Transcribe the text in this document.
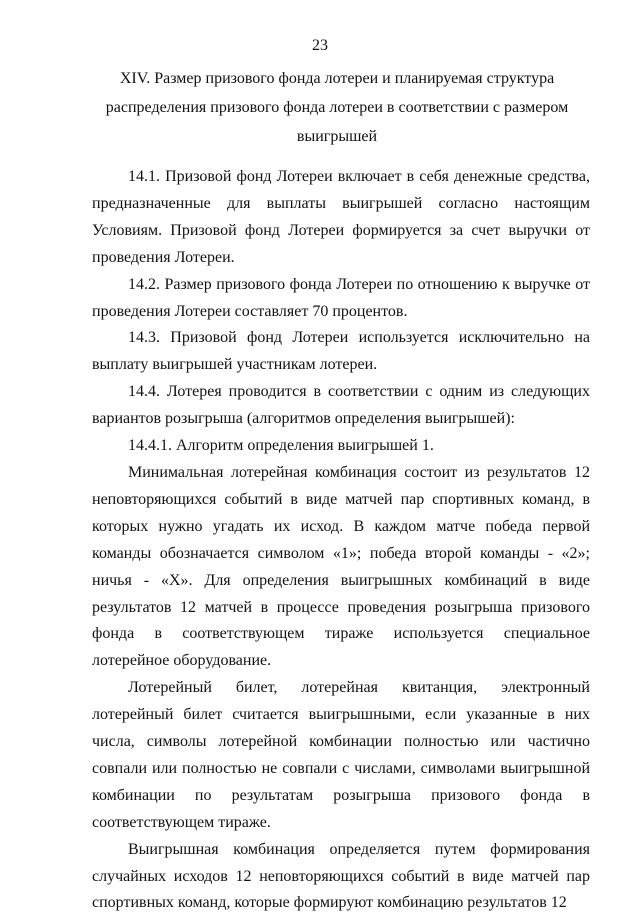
23
XIV. Размер призового фонда лотереи и планируемая структура распределения призового фонда лотереи в соответствии с размером выигрышей

14.1. Призовой фонд Лотереи включает в себя денежные средства, предназначенные для выплаты выигрышей согласно настоящим Условиям. Призовой фонд Лотереи формируется за счет выручки от проведения Лотереи.

14.2. Размер призового фонда Лотереи по отношению к выручке от проведения Лотереи составляет 70 процентов.

14.3. Призовой фонд Лотереи используется исключительно на выплату выигрышей участникам лотереи.

14.4. Лотерея проводится в соответствии с одним из следующих вариантов розыгрыша (алгоритмов определения выигрышей):

14.4.1. Алгоритм определения выигрышей 1.

Минимальная лотерейная комбинация состоит из результатов 12 неповторяющихся событий в виде матчей пар спортивных команд, в которых нужно угадать их исход. В каждом матче победа первой команды обозначается символом «1»; победа второй команды - «2»; ничья - «X». Для определения выигрышных комбинаций в виде результатов 12 матчей в процессе проведения розыгрыша призового фонда в соответствующем тираже используется специальное лотерейное оборудование.

Лотерейный билет, лотерейная квитанция, электронный лотерейный билет считается выигрышными, если указанные в них числа, символы лотерейной комбинации полностью или частично совпали или полностью не совпали с числами, символами выигрышной комбинации по результатам розыгрыша призового фонда в соответствующем тираже.

Выигрышная комбинация определяется путем формирования случайных исходов 12 неповторяющихся событий в виде матчей пар спортивных команд, которые формируют комбинацию результатов 12
